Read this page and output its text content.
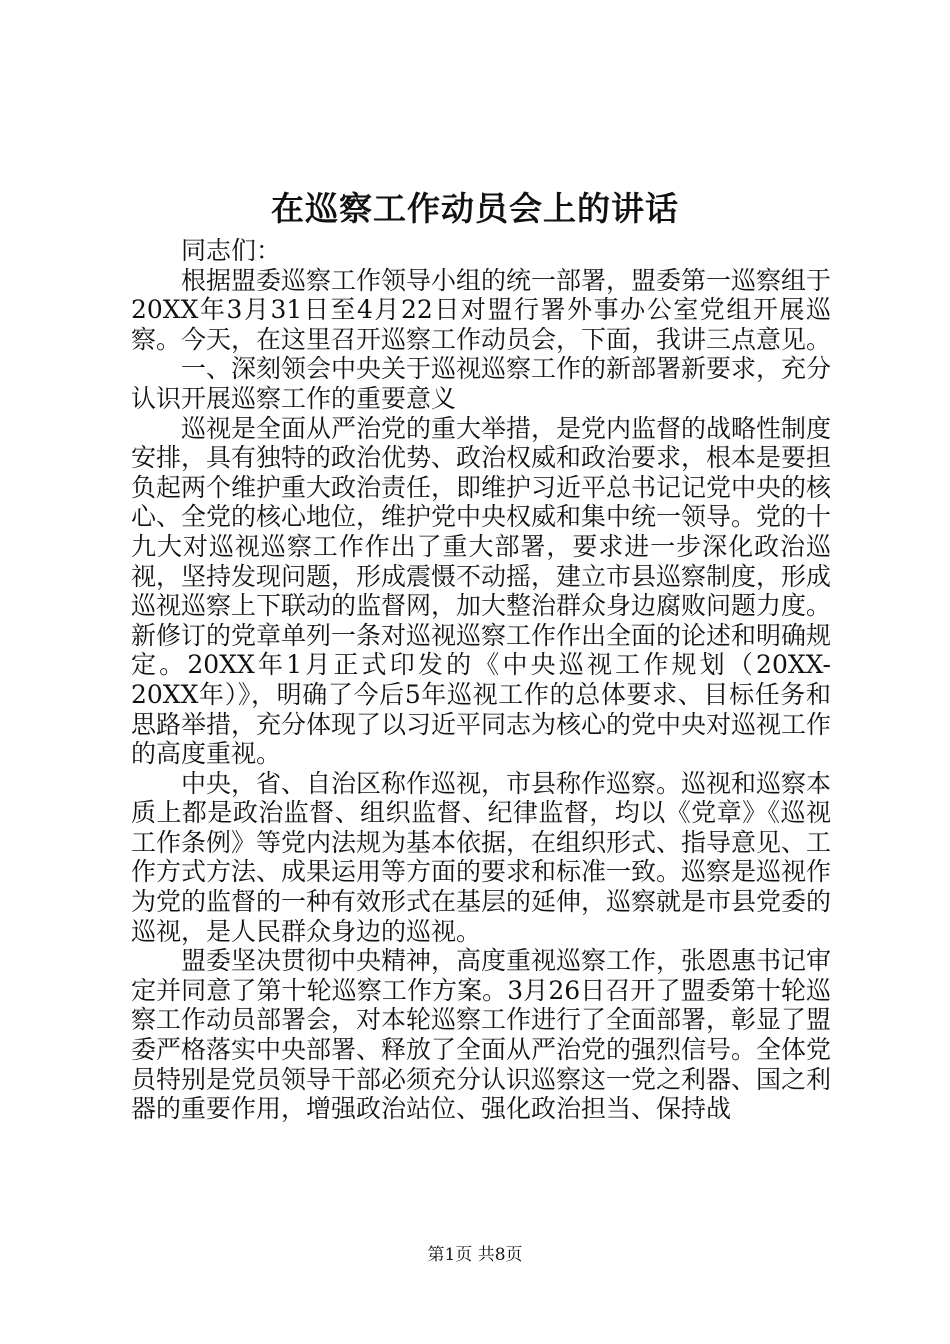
在巡察工作动员会上的讲话

同志们：

根据盟委巡察工作领导小组的统一部署，盟委第一巡察组于20XX年3月31日至4月22日对盟行署外事办公室党组开展巡察。今天，在这里召开巡察工作动员会，下面，我讲三点意见。

一、深刻领会中央关于巡视巡察工作的新部署新要求，充分认识开展巡察工作的重要意义

巡视是全面从严治党的重大举措，是党内监督的战略性制度安排，具有独特的政治优势、政治权威和政治要求，根本是要担负起两个维护重大政治责任，即维护习近平总书记记党中央的核心、全党的核心地位，维护党中央权威和集中统一领导。党的十九大对巡视巡察工作作出了重大部署，要求进一步深化政治巡视，坚持发现问题，形成震慑不动摇，建立市县巡察制度，形成巡视巡察上下联动的监督网，加大整治群众身边腐败问题力度。新修订的党章单列一条对巡视巡察工作作出全面的论述和明确规定。20XX年1月正式印发的《中央巡视工作规划（20XX-20XX年）》，明确了今后5年巡视工作的总体要求、目标任务和思路举措，充分体现了以习近平同志为核心的党中央对巡视工作的高度重视。

中央，省、自治区称作巡视，市县称作巡察。巡视和巡察本质上都是政治监督、组织监督、纪律监督，均以《党章》《巡视工作条例》等党内法规为基本依据，在组织形式、指导意见、工作方式方法、成果运用等方面的要求和标准一致。巡察是巡视作为党的监督的一种有效形式在基层的延伸，巡察就是市县党委的巡视，是人民群众身边的巡视。

盟委坚决贯彻中央精神，高度重视巡察工作，张恩惠书记审定并同意了第十轮巡察工作方案。3月26日召开了盟委第十轮巡察工作动员部署会，对本轮巡察工作进行了全面部署，彰显了盟委严格落实中央部署、释放了全面从严治党的强烈信号。全体党员特别是党员领导干部必须充分认识巡察这一党之利器、国之利器的重要作用，增强政治站位、强化政治担当、保持战

第1页 共8页
